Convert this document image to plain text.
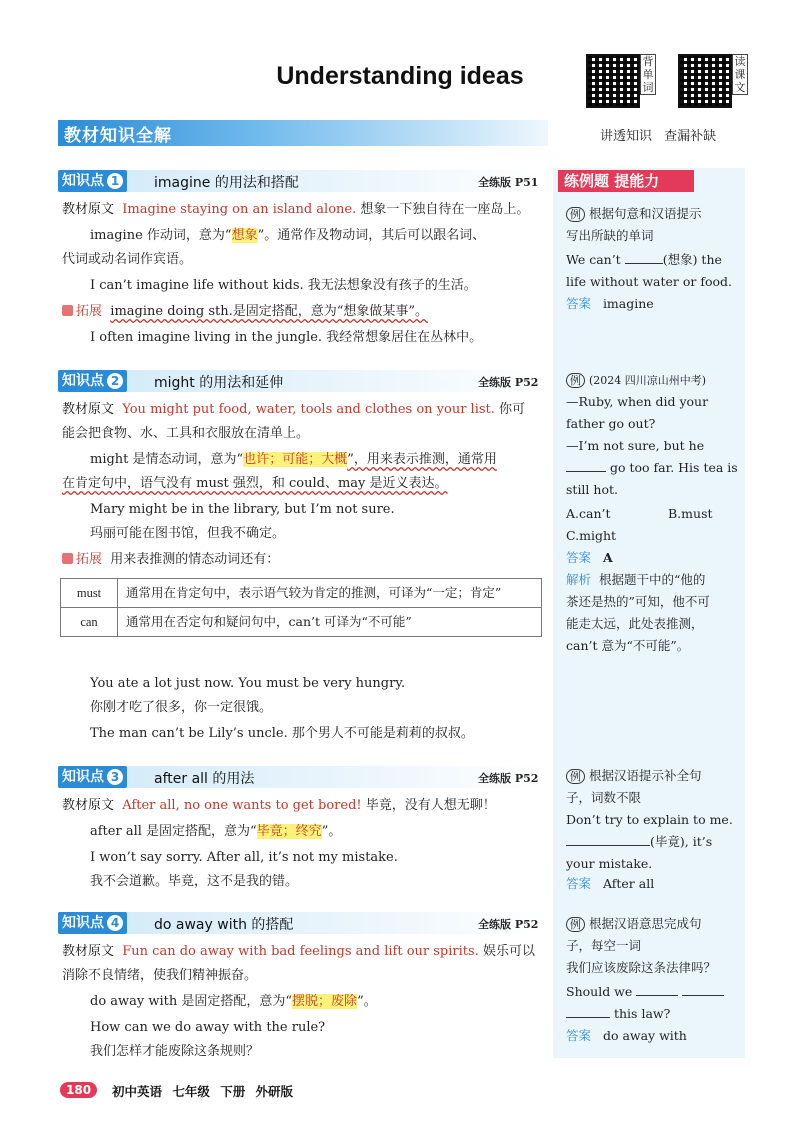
Understanding ideas
背单词
读课文
教材知识全解	讲透知识 查漏补缺
练例题 提能力
知识点 1	imagine 的用法和搭配	全练版 P51
教材原文 Imagine staying on an island alone. 想象一下独自待在一座岛上。
imagine 作动词，意为“想象”。通常作及物动词，其后可以跟名词、
代词或动名词作宾语。
I can’t imagine life without kids. 我无法想象没有孩子的生活。
拓展 imagine doing sth.是固定搭配，意为“想象做某事”。
I often imagine living in the jungle. 我经常想象居住在丛林中。
知识点 2	might 的用法和延伸	全练版 P52
教材原文 You might put food, water, tools and clothes on your list. 你可
能会把食物、水、工具和衣服放在清单上。
might 是情态动词，意为“也许；可能；大概”，用来表示推测，通常用
在肯定句中，语气没有 must 强烈，和 could、may 是近义表达。
Mary might be in the library, but I’m not sure.
玛丽可能在图书馆，但我不确定。
拓展 用来表推测的情态动词还有：
must	通常用在肯定句中，表示语气较为肯定的推测，可译为“一定；肯定”
can	通常用在否定句和疑问句中，can’t 可译为“不可能”
You ate a lot just now. You must be very hungry.
你刚才吃了很多，你一定很饿。
The man can’t be Lily’s uncle. 那个男人不可能是莉莉的叔叔。
知识点 3	after all 的用法	全练版 P52
教材原文 After all, no one wants to get bored! 毕竟，没有人想无聊！
after all 是固定搭配，意为“毕竟；终究”。
I won’t say sorry. After all, it’s not my mistake.
我不会道歉。毕竟，这不是我的错。
知识点 4	do away with 的搭配	全练版 P52
教材原文 Fun can do away with bad feelings and lift our spirits. 娱乐可以
消除不良情绪，使我们精神振奋。
do away with 是固定搭配，意为“摆脱；废除”。
How can we do away with the rule?
我们怎样才能废除这条规则？
例 根据句意和汉语提示
写出所缺的单词
We can’t	(想象) the
life without water or food.
答案 imagine
例 (2024 四川凉山州中考)
—Ruby, when did your
father go out?
—I’m not sure, but he
go too far. His tea is
still hot.
A.can’t	B.must
C.might
答案 A
解析 根据题干中的“他的
茶还是热的”可知，他不可
能走太远，此处表推测，
can’t 意为“不可能”。
例 根据汉语提示补全句
子，词数不限
Don’t try to explain to me.
(毕竟), it’s
your mistake.
答案 After all
例 根据汉语意思完成句
子，每空一词
我们应该废除这条法律吗？
Should we
this law?
答案 do away with
180	初中英语 七年级 下册 外研版
